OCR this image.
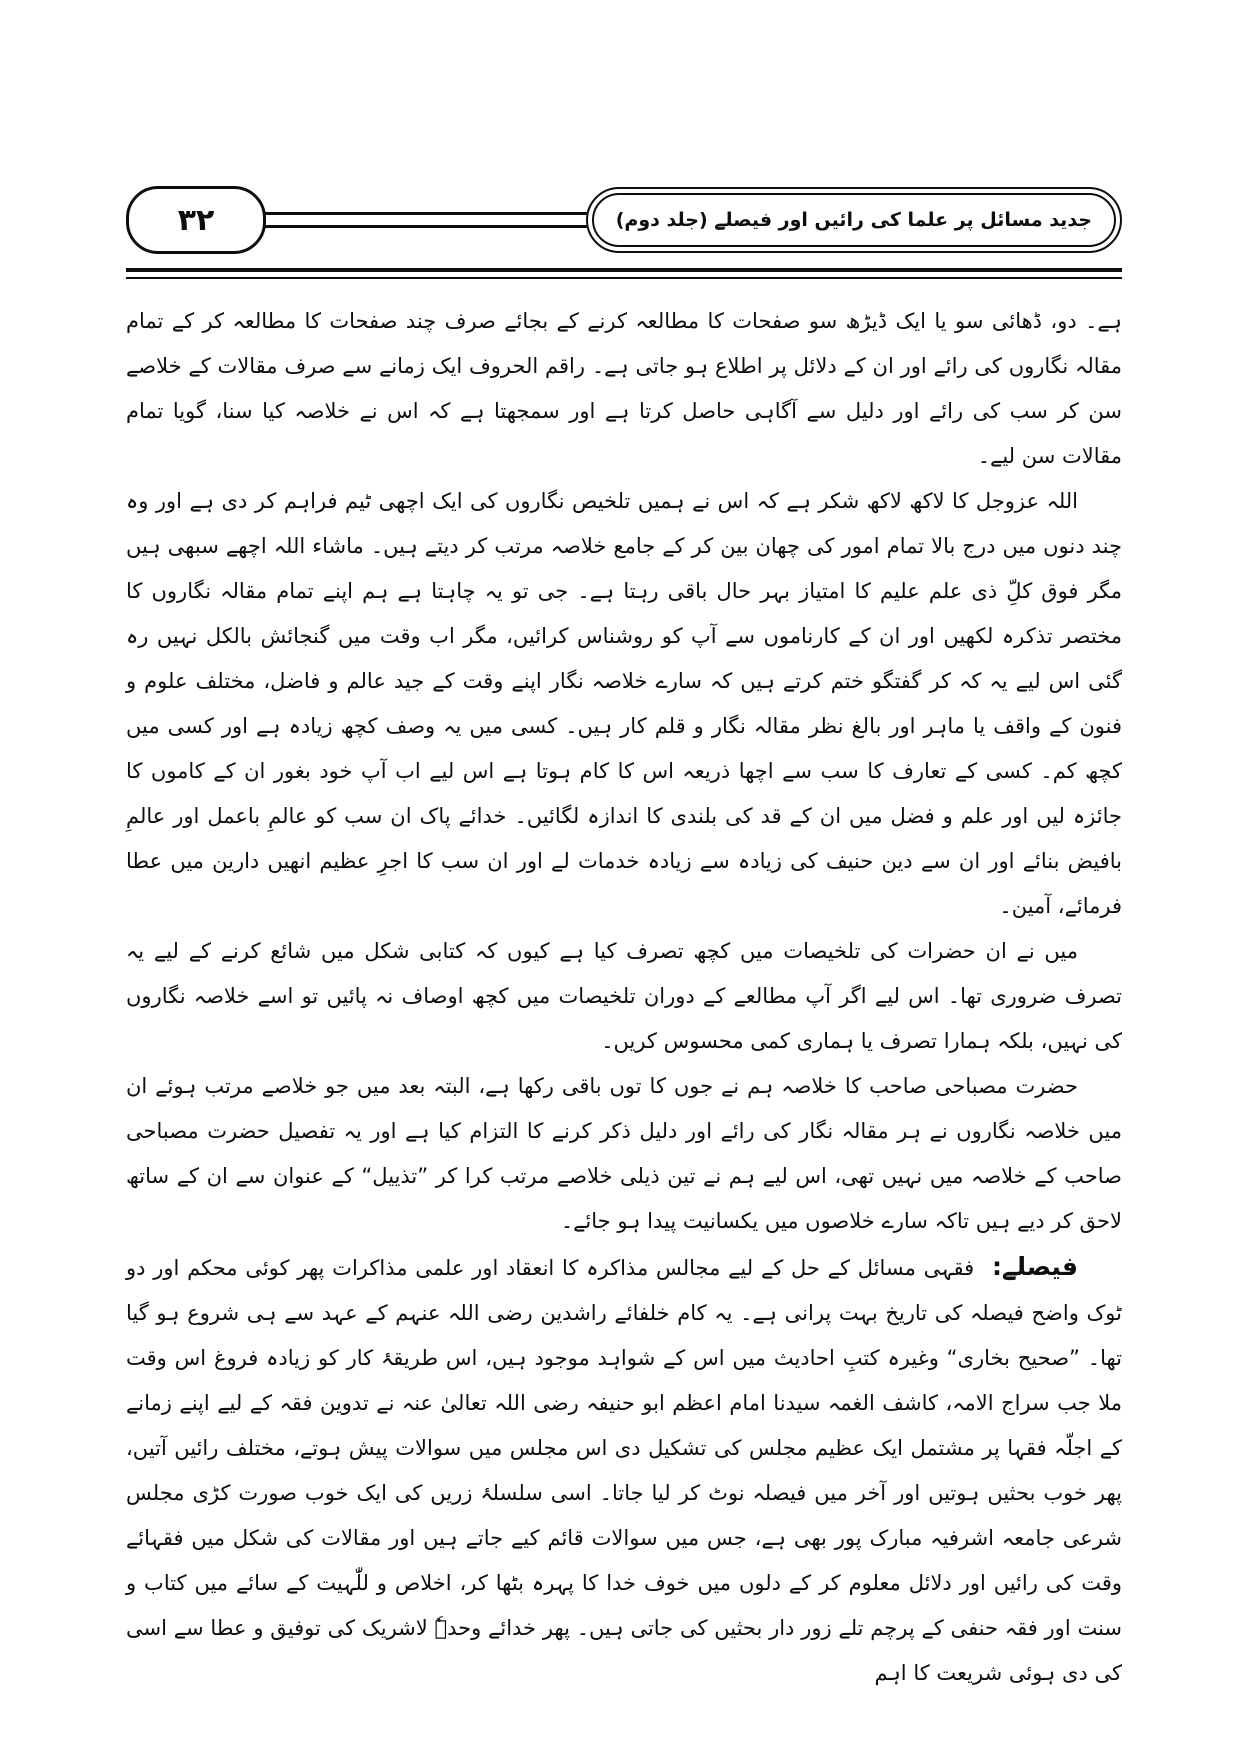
۳۲	جدید مسائل پر علما کی رائیں اور فیصلے (جلد دوم)

ہے۔ دو، ڈھائی سو یا ایک ڈیڑھ سو صفحات کا مطالعہ کرنے کے بجائے صرف چند صفحات کا مطالعہ کر کے تمام مقالہ نگاروں کی رائے اور ان کے دلائل پر اطلاع ہو جاتی ہے۔ راقم الحروف ایک زمانے سے صرف مقالات کے خلاصے سن کر سب کی رائے اور دلیل سے آگاہی حاصل کرتا ہے اور سمجھتا ہے کہ اس نے خلاصہ کیا سنا، گویا تمام مقالات سن لیے۔

اللہ عزوجل کا لاکھ لاکھ شکر ہے کہ اس نے ہمیں تلخیص نگاروں کی ایک اچھی ٹیم فراہم کر دی ہے اور وہ چند دنوں میں درج بالا تمام امور کی چھان بین کر کے جامع خلاصہ مرتب کر دیتے ہیں۔ ماشاء اللہ اچھے سبھی ہیں مگر فوق کلِّ ذی علم علیم کا امتیاز بہر حال باقی رہتا ہے۔ جی تو یہ چاہتا ہے ہم اپنے تمام مقالہ نگاروں کا مختصر تذکرہ لکھیں اور ان کے کارناموں سے آپ کو روشناس کرائیں، مگر اب وقت میں گنجائش بالکل نہیں رہ گئی اس لیے یہ کہ کر گفتگو ختم کرتے ہیں کہ سارے خلاصہ نگار اپنے وقت کے جید عالم و فاضل، مختلف علوم و فنون کے واقف یا ماہر اور بالغ نظر مقالہ نگار و قلم کار ہیں۔ کسی میں یہ وصف کچھ زیادہ ہے اور کسی میں کچھ کم۔ کسی کے تعارف کا سب سے اچھا ذریعہ اس کا کام ہوتا ہے اس لیے اب آپ خود بغور ان کے کاموں کا جائزہ لیں اور علم و فضل میں ان کے قد کی بلندی کا اندازہ لگائیں۔ خدائے پاک ان سب کو عالمِ باعمل اور عالمِ بافیض بنائے اور ان سے دین حنیف کی زیادہ سے زیادہ خدمات لے اور ان سب کا اجرِ عظیم انھیں دارین میں عطا فرمائے، آمین۔

میں نے ان حضرات کی تلخیصات میں کچھ تصرف کیا ہے کیوں کہ کتابی شکل میں شائع کرنے کے لیے یہ تصرف ضروری تھا۔ اس لیے اگر آپ مطالعے کے دوران تلخیصات میں کچھ اوصاف نہ پائیں تو اسے خلاصہ نگاروں کی نہیں، بلکہ ہمارا تصرف یا ہماری کمی محسوس کریں۔

حضرت مصباحی صاحب کا خلاصہ ہم نے جوں کا توں باقی رکھا ہے، البتہ بعد میں جو خلاصے مرتب ہوئے ان میں خلاصہ نگاروں نے ہر مقالہ نگار کی رائے اور دلیل ذکر کرنے کا التزام کیا ہے اور یہ تفصیل حضرت مصباحی صاحب کے خلاصہ میں نہیں تھی، اس لیے ہم نے تین ذیلی خلاصے مرتب کرا کر ”تذییل“ کے عنوان سے ان کے ساتھ لاحق کر دیے ہیں تاکہ سارے خلاصوں میں یکسانیت پیدا ہو جائے۔

فیصلے: فقہی مسائل کے حل کے لیے مجالس مذاکرہ کا انعقاد اور علمی مذاکرات پھر کوئی محکم اور دو ٹوک واضح فیصلہ کی تاریخ بہت پرانی ہے۔ یہ کام خلفائے راشدین رضی اللہ عنہم کے عہد سے ہی شروع ہو گیا تھا۔ ”صحیح بخاری“ وغیرہ کتبِ احادیث میں اس کے شواہد موجود ہیں، اس طریقۂ کار کو زیادہ فروغ اس وقت ملا جب سراج الامہ، کاشف الغمہ سیدنا امام اعظم ابو حنیفہ رضی اللہ تعالیٰ عنہ نے تدوین فقہ کے لیے اپنے زمانے کے اجلّہ فقہا پر مشتمل ایک عظیم مجلس کی تشکیل دی اس مجلس میں سوالات پیش ہوتے، مختلف رائیں آتیں، پھر خوب بحثیں ہوتیں اور آخر میں فیصلہ نوٹ کر لیا جاتا۔ اسی سلسلۂ زریں کی ایک خوب صورت کڑی مجلس شرعی جامعہ اشرفیہ مبارک پور بھی ہے، جس میں سوالات قائم کیے جاتے ہیں اور مقالات کی شکل میں فقہائے وقت کی رائیں اور دلائل معلوم کر کے دلوں میں خوف خدا کا پہرہ بٹھا کر، اخلاص و للّٰہیت کے سائے میں کتاب و سنت اور فقہ حنفی کے پرچم تلے زور دار بحثیں کی جاتی ہیں۔ پھر خدائے وحدہٗ لاشریک کی توفیق و عطا سے اسی کی دی ہوئی شریعت کا اہم
